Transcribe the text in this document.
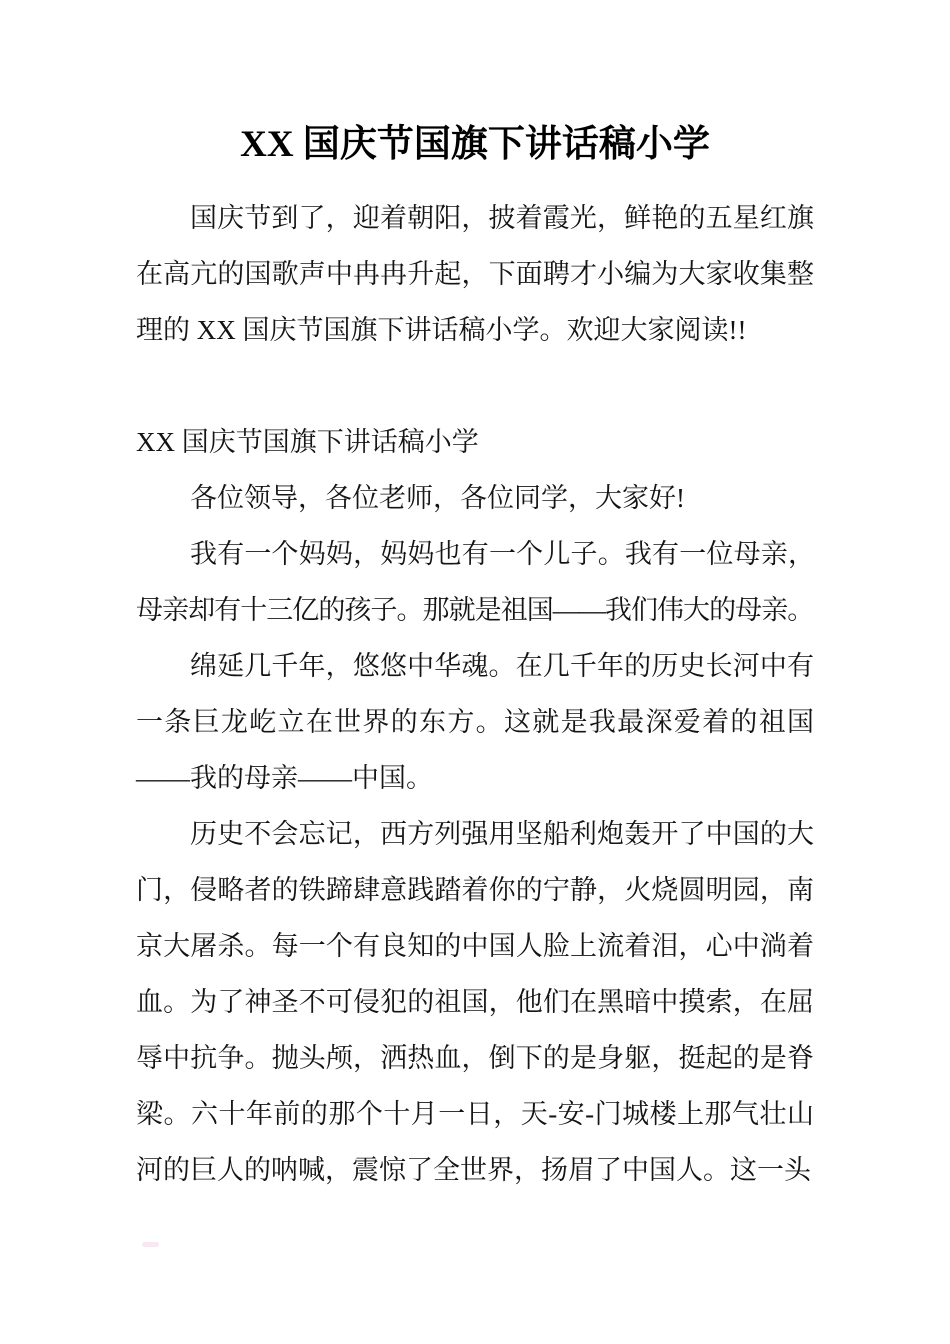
XX 国庆节国旗下讲话稿小学

国庆节到了，迎着朝阳，披着霞光，鲜艳的五星红旗在高亢的国歌声中冉冉升起，下面聘才小编为大家收集整理的 XX 国庆节国旗下讲话稿小学。欢迎大家阅读!!

XX 国庆节国旗下讲话稿小学

各位领导，各位老师，各位同学，大家好!

我有一个妈妈，妈妈也有一个儿子。我有一位母亲，母亲却有十三亿的孩子。那就是祖国——我们伟大的母亲。

绵延几千年，悠悠中华魂。在几千年的历史长河中有一条巨龙屹立在世界的东方。这就是我最深爱着的祖国——我的母亲——中国。

历史不会忘记，西方列强用坚船利炮轰开了中国的大门，侵略者的铁蹄肆意践踏着你的宁静，火烧圆明园，南京大屠杀。每一个有良知的中国人脸上流着泪，心中淌着血。为了神圣不可侵犯的祖国，他们在黑暗中摸索，在屈辱中抗争。抛头颅，洒热血，倒下的是身躯，挺起的是脊梁。六十年前的那个十月一日，天-安-门城楼上那气壮山河的巨人的呐喊，震惊了全世界，扬眉了中国人。这一头
